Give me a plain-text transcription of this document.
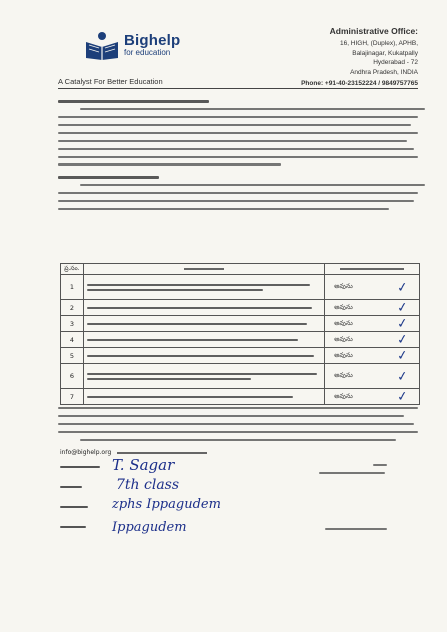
Bighelp
for education
A Catalyst For Better Education
Administrative Office:
16, HIGH, (Duplex), APHB,
Balajinagar, Kukatpally
Hyderabad - 72
Andhra Pradesh, INDIA
Phone: +91-40-23152224 / 9849757765
ప్ర.సం.		
1		అవును ✓

2		అవును ✓

3		అవును ✓

4		అవును ✓

5		అవును ✓

6		అవును ✓

7		అవును ✓
info@bighelp.org
T. Sagar
7th class
zphs Ippagudem
Ippagudem
